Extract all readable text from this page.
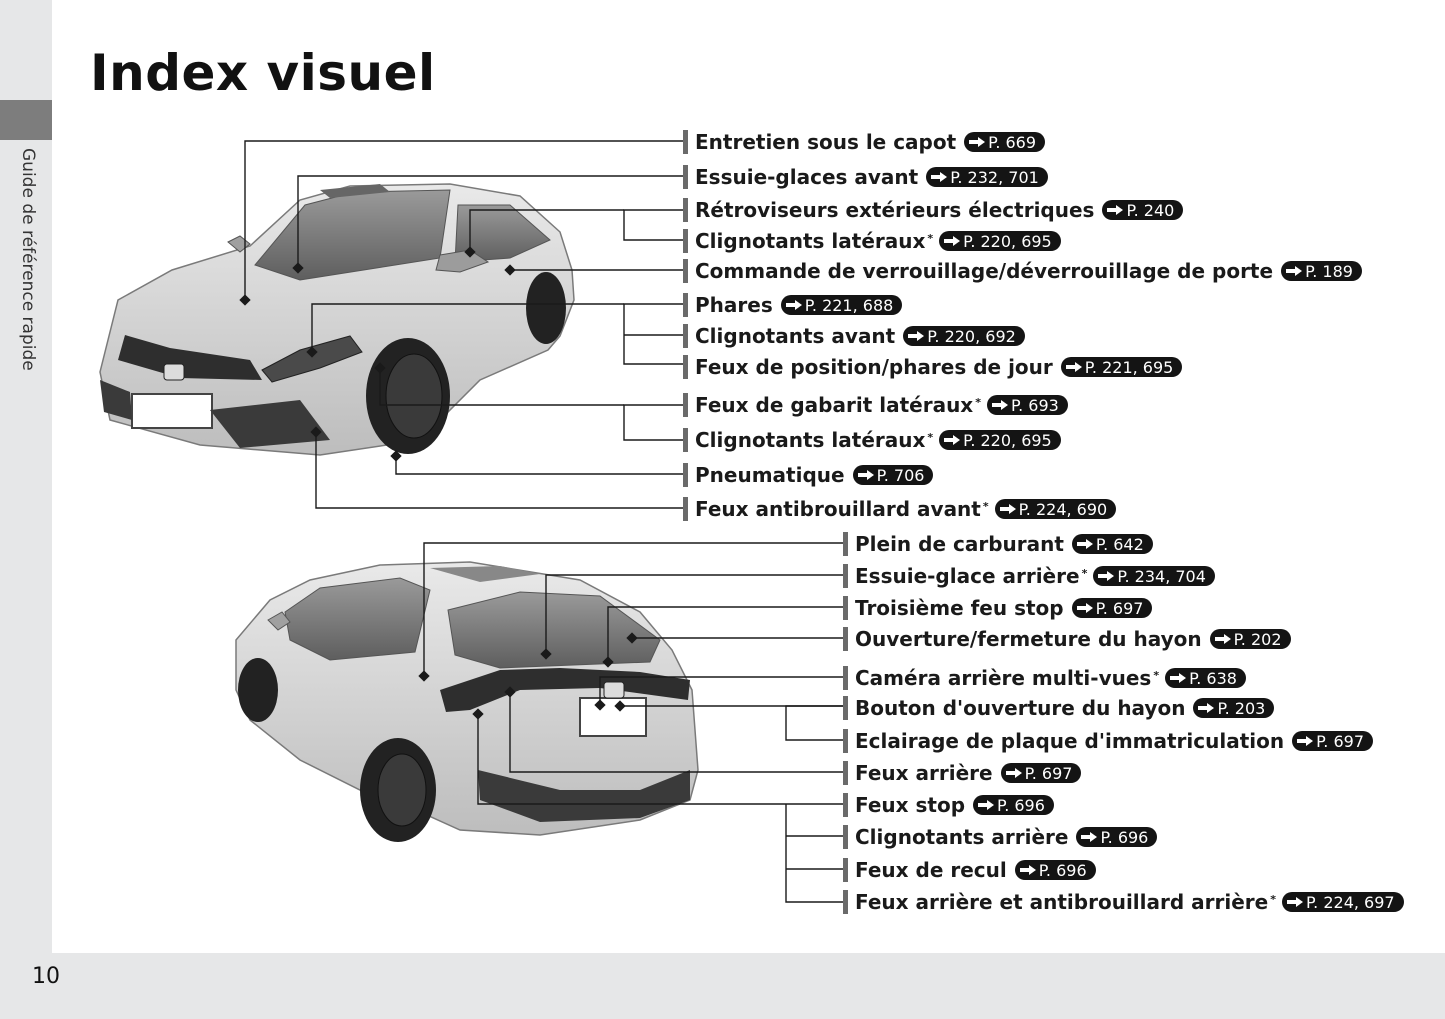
Guide de référence rapide
Index visuel
10
Entretien sous le capot P. 669
Essuie-glaces avant P. 232, 701
Rétroviseurs extérieurs électriques P. 240
Clignotants latéraux* P. 220, 695
Commande de verrouillage/déverrouillage de porte P. 189
Phares P. 221, 688
Clignotants avant P. 220, 692
Feux de position/phares de jour P. 221, 695
Feux de gabarit latéraux* P. 693
Clignotants latéraux* P. 220, 695
Pneumatique P. 706
Feux antibrouillard avant* P. 224, 690
Plein de carburant P. 642
Essuie-glace arrière* P. 234, 704
Troisième feu stop P. 697
Ouverture/fermeture du hayon P. 202
Caméra arrière multi-vues* P. 638
Bouton d'ouverture du hayon P. 203
Eclairage de plaque d'immatriculation P. 697
Feux arrière P. 697
Feux stop P. 696
Clignotants arrière P. 696
Feux de recul P. 696
Feux arrière et antibrouillard arrière* P. 224, 697
